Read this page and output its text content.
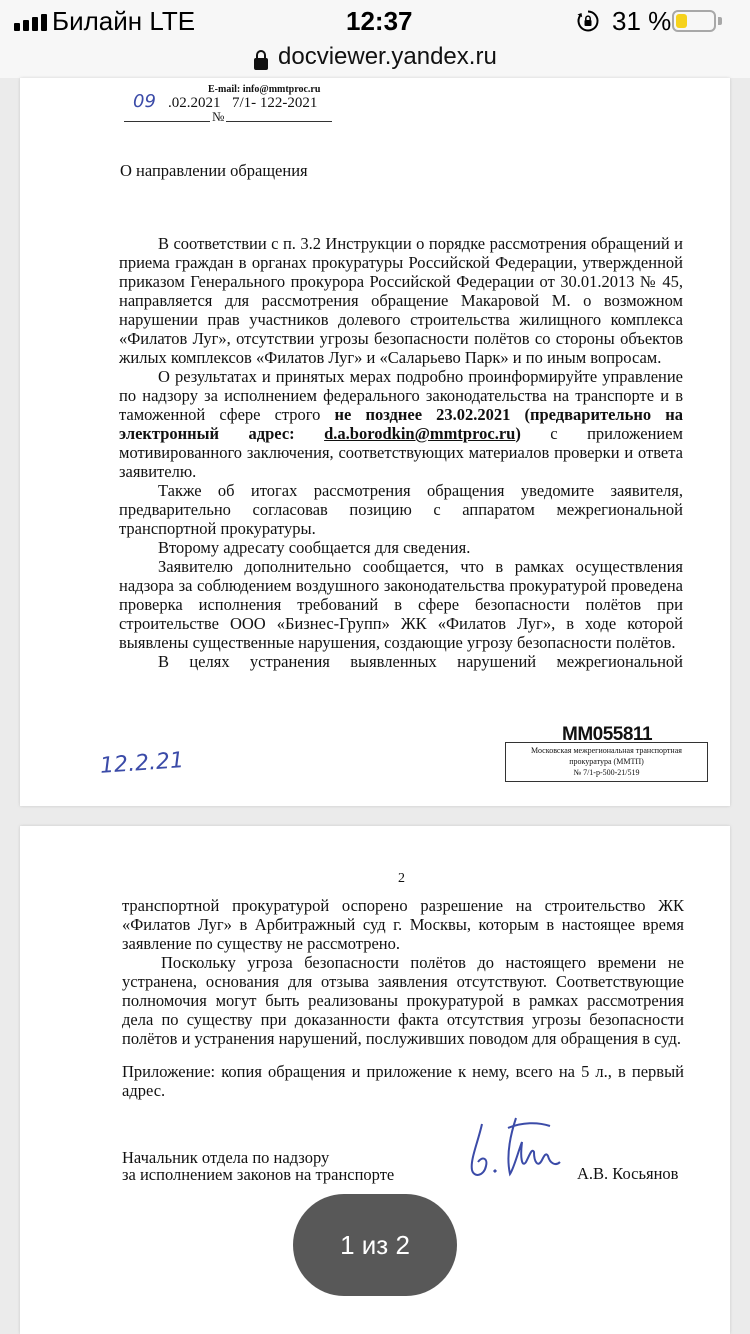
Билайн LTE	12:37	31 %
docviewer.yandex.ru
E-mail: info@mmtproc.ru
09 .02.2021 7/1- 122-2021
№
О направлении обращения

В соответствии с п. 3.2 Инструкции о порядке рассмотрения обращений и приема граждан в органах прокуратуры Российской Федерации, утвержденной приказом Генерального прокурора Российской Федерации от 30.01.2013 № 45, направляется для рассмотрения обращение Макаровой М. о возможном нарушении прав участников долевого строительства жилищного комплекса «Филатов Луг», отсутствии угрозы безопасности полётов со стороны объектов жилых комплексов «Филатов Луг» и «Саларьево Парк» и по иным вопросам.

О результатах и принятых мерах подробно проинформируйте управление по надзору за исполнением федерального законодательства на транспорте и в таможенной сфере строго не позднее 23.02.2021 (предварительно на электронный адрес: d.a.borodkin@mmtproc.ru) с приложением мотивированного заключения, соответствующих материалов проверки и ответа заявителю.

Также об итогах рассмотрения обращения уведомите заявителя, предварительно согласовав позицию с аппаратом межрегиональной транспортной прокуратуры.

Второму адресату сообщается для сведения.

Заявителю дополнительно сообщается, что в рамках осуществления надзора за соблюдением воздушного законодательства прокуратурой проведена проверка исполнения требований в сфере безопасности полётов при строительстве ООО «Бизнес-Групп» ЖК «Филатов Луг», в ходе которой выявлены существенные нарушения, создающие угрозу безопасности полётов.

В целях устранения выявленных нарушений межрегиональной

MM055811
Московская межрегиональная транспортная
прокуратура (ММТП)
№ 7/1-р-500-21/519
12.2.21
2

транспортной прокуратурой оспорено разрешение на строительство ЖК «Филатов Луг» в Арбитражный суд г. Москвы, которым в настоящее время заявление по существу не рассмотрено.

Поскольку угроза безопасности полётов до настоящего времени не устранена, основания для отзыва заявления отсутствуют. Соответствующие полномочия могут быть реализованы прокуратурой в рамках рассмотрения дела по существу при доказанности факта отсутствия угрозы безопасности полётов и устранения нарушений, послуживших поводом для обращения в суд.

Приложение: копия обращения и приложение к нему, всего на 5 л., в первый адрес.

Начальник отдела по надзору
за исполнением законов на транспорте	А.В. Косьянов
1 из 2
